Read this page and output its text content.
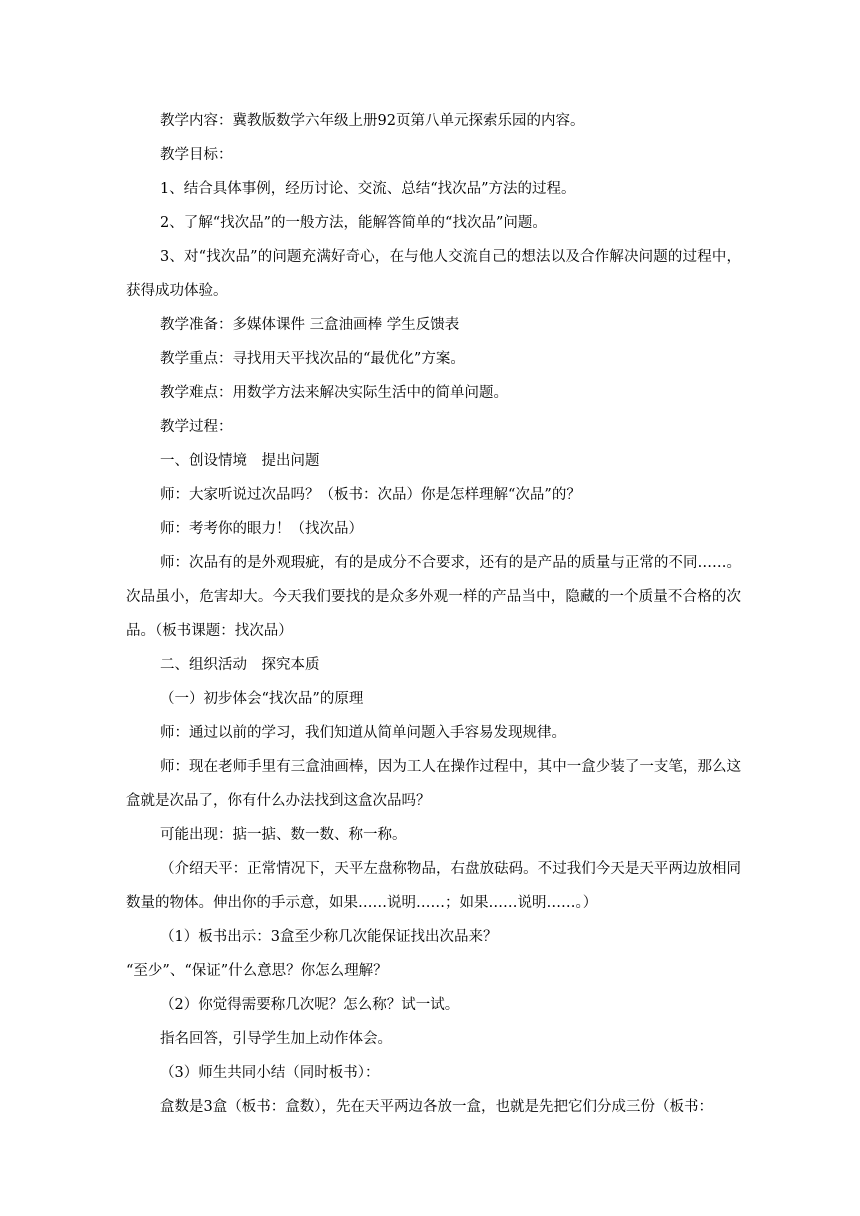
教学内容：冀教版数学六年级上册92页第八单元探索乐园的内容。
教学目标：
1、结合具体事例，经历讨论、交流、总结“找次品”方法的过程。
2、了解“找次品”的一般方法，能解答简单的“找次品”问题。
3、对“找次品”的问题充满好奇心，在与他人交流自己的想法以及合作解决问题的过程中，获得成功体验。
教学准备：多媒体课件 三盒油画棒 学生反馈表
教学重点：寻找用天平找次品的“最优化”方案。
教学难点：用数学方法来解决实际生活中的简单问题。
教学过程：
一、创设情境　提出问题
师：大家听说过次品吗？（板书：次品）你是怎样理解“次品”的？
师：考考你的眼力！（找次品）
师：次品有的是外观瑕疵，有的是成分不合要求，还有的是产品的质量与正常的不同……。 次品虽小，危害却大。今天我们要找的是众多外观一样的产品当中，隐藏的一个质量不合格的次品。（板书课题：找次品）
二、组织活动　探究本质
（一）初步体会“找次品”的原理
师：通过以前的学习，我们知道从简单问题入手容易发现规律。
师：现在老师手里有三盒油画棒，因为工人在操作过程中，其中一盒少装了一支笔，那么这盒就是次品了，你有什么办法找到这盒次品吗？
可能出现：掂一掂、数一数、称一称。
（介绍天平：正常情况下，天平左盘称物品，右盘放砝码。不过我们今天是天平两边放相同数量的物体。伸出你的手示意，如果……说明……；如果……说明……。）
（1）板书出示：3盒至少称几次能保证找出次品来？
“至少”、“保证”什么意思？你怎么理解？
（2）你觉得需要称几次呢？怎么称？试一试。
指名回答，引导学生加上动作体会。
（3）师生共同小结（同时板书）：
盒数是3盒（板书：盒数），先在天平两边各放一盒，也就是先把它们分成三份（板书：
